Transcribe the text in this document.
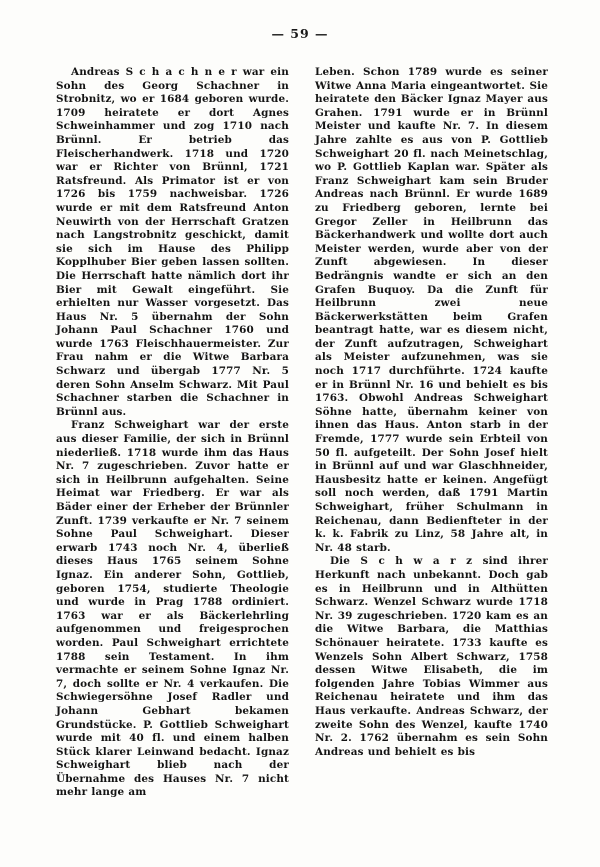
— 59 —

Andreas S c h a c h n e r war ein Sohn des Georg Schachner in Strobnitz, wo er 1684 geboren wurde. 1709 heiratete er dort Agnes Schweinhammer und zog 1710 nach Brünnl. Er betrieb das Fleischerhandwerk. 1718 und 1720 war er Richter von Brünnl, 1721 Ratsfreund. Als Primator ist er von 1726 bis 1759 nachweisbar. 1726 wurde er mit dem Ratsfreund Anton Neuwirth von der Herrschaft Gratzen nach Langstrobnitz geschickt, damit sie sich im Hause des Philipp Kopplhuber Bier geben lassen sollten. Die Herrschaft hatte nämlich dort ihr Bier mit Gewalt eingeführt. Sie erhielten nur Wasser vorgesetzt. Das Haus Nr. 5 übernahm der Sohn Johann Paul Schachner 1760 und wurde 1763 Fleischhauermeister. Zur Frau nahm er die Witwe Barbara Schwarz und übergab 1777 Nr. 5 deren Sohn Anselm Schwarz. Mit Paul Schachner starben die Schachner in Brünnl aus.

Franz Schweighart war der erste aus dieser Familie, der sich in Brünnl niederließ. 1718 wurde ihm das Haus Nr. 7 zugeschrieben. Zuvor hatte er sich in Heilbrunn aufgehalten. Seine Heimat war Friedberg. Er war als Bäder einer der Erheber der Brünnler Zunft. 1739 verkaufte er Nr. 7 seinem Sohne Paul Schweighart. Dieser erwarb 1743 noch Nr. 4, überließ dieses Haus 1765 seinem Sohne Ignaz. Ein anderer Sohn, Gottlieb, geboren 1754, studierte Theologie und wurde in Prag 1788 ordiniert. 1763 war er als Bäckerlehrling aufgenommen und freigesprochen worden. Paul Schweighart errichtete 1788 sein Testament. In ihm vermachte er seinem Sohne Ignaz Nr. 7, doch sollte er Nr. 4 verkaufen. Die Schwiegersöhne Josef Radler und Johann Gebhart bekamen Grundstücke. P. Gottlieb Schweighart wurde mit 40 fl. und einem halben Stück klarer Leinwand bedacht. Ignaz Schweighart blieb nach der Übernahme des Hauses Nr. 7 nicht mehr lange am

Leben. Schon 1789 wurde es seiner Witwe Anna Maria eingeantwortet. Sie heiratete den Bäcker Ignaz Mayer aus Grahen. 1791 wurde er in Brünnl Meister und kaufte Nr. 7. In diesem Jahre zahlte es aus von P. Gottlieb Schweighart 20 fl. nach Meinetschlag, wo P. Gottlieb Kaplan war. Später als Franz Schweighart kam sein Bruder Andreas nach Brünnl. Er wurde 1689 zu Friedberg geboren, lernte bei Gregor Zeller in Heilbrunn das Bäckerhandwerk und wollte dort auch Meister werden, wurde aber von der Zunft abgewiesen. In dieser Bedrängnis wandte er sich an den Grafen Buquoy. Da die Zunft für Heilbrunn zwei neue Bäckerwerkstätten beim Grafen beantragt hatte, war es diesem nicht, der Zunft aufzutragen, Schweighart als Meister aufzunehmen, was sie noch 1717 durchführte. 1724 kaufte er in Brünnl Nr. 16 und behielt es bis 1763. Obwohl Andreas Schweighart Söhne hatte, übernahm keiner von ihnen das Haus. Anton starb in der Fremde, 1777 wurde sein Erbteil von 50 fl. aufgeteilt. Der Sohn Josef hielt in Brünnl auf und war Glaschhneider, Hausbesitz hatte er keinen. Angefügt soll noch werden, daß 1791 Martin Schweighart, früher Schulmann in Reichenau, dann Bedienfteter in der k. k. Fabrik zu Linz, 58 Jahre alt, in Nr. 48 starb.

Die S c h w a r z sind ihrer Herkunft nach unbekannt. Doch gab es in Heilbrunn und in Althütten Schwarz. Wenzel Schwarz wurde 1718 Nr. 39 zugeschrieben. 1720 kam es an die Witwe Barbara, die Matthias Schönauer heiratete. 1733 kaufte es Wenzels Sohn Albert Schwarz, 1758 dessen Witwe Elisabeth, die im folgenden Jahre Tobias Wimmer aus Reichenau heiratete und ihm das Haus verkaufte. Andreas Schwarz, der zweite Sohn des Wenzel, kaufte 1740 Nr. 2. 1762 übernahm es sein Sohn Andreas und behielt es bis
